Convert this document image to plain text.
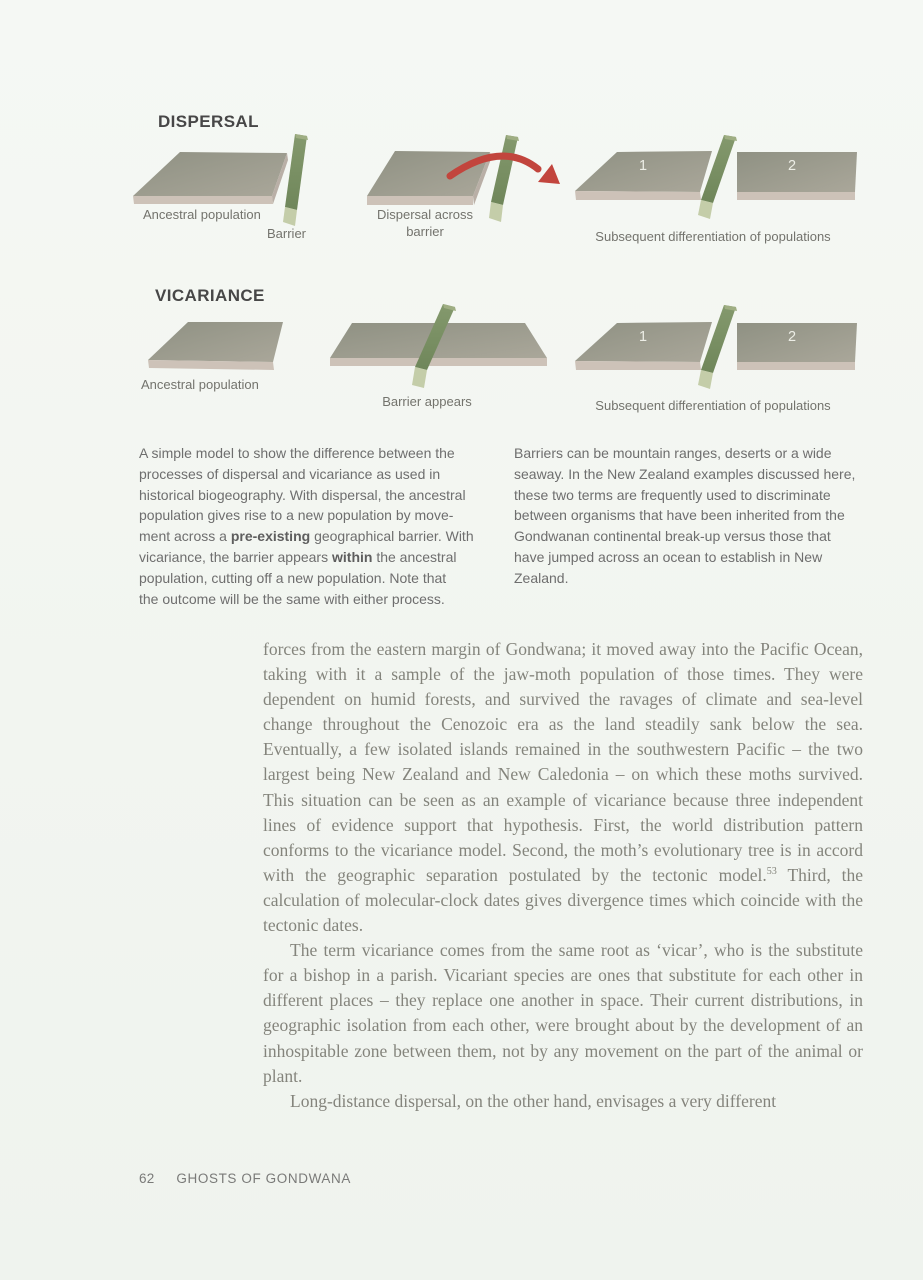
DISPERSAL
Ancestral population
Barrier
Dispersal across
barrier
1	2
Subsequent differentiation of populations
VICARIANCE
Ancestral population
Barrier appears
1	2
Subsequent differentiation of populations
A simple model to show the difference between the
processes of dispersal and vicariance as used in
historical biogeography. With dispersal, the ancestral
population gives rise to a new population by move-
ment across a pre-existing geographical barrier. With
vicariance, the barrier appears within the ancestral
population, cutting off a new population. Note that
the outcome will be the same with either process.
Barriers can be mountain ranges, deserts or a wide
seaway. In the New Zealand examples discussed here,
these two terms are frequently used to discriminate
between organisms that have been inherited from the
Gondwanan continental break-up versus those that
have jumped across an ocean to establish in New
Zealand.

forces from the eastern margin of Gondwana; it moved away into the Pacific Ocean, taking with it a sample of the jaw-moth population of those times. They were dependent on humid forests, and survived the ravages of climate and sea-level change throughout the Cenozoic era as the land steadily sank below the sea. Eventually, a few isolated islands remained in the southwestern Pacific – the two largest being New Zealand and New Caledonia – on which these moths survived. This situation can be seen as an example of vicariance because three independent lines of evidence support that hypothesis. First, the world distribution pattern conforms to the vicariance model. Second, the moth’s evolutionary tree is in accord with the geographic separation postulated by the tectonic model.$^{53}$ Third, the calculation of molecular-clock dates gives divergence times which coincide with the tectonic dates.

The term vicariance comes from the same root as ‘vicar’, who is the substitute for a bishop in a parish. Vicariant species are ones that substitute for each other in different places – they replace one another in space. Their current distributions, in geographic isolation from each other, were brought about by the development of an inhospitable zone between them, not by any movement on the part of the animal or plant.

Long-distance dispersal, on the other hand, envisages a very different

62 GHOSTS OF GONDWANA
